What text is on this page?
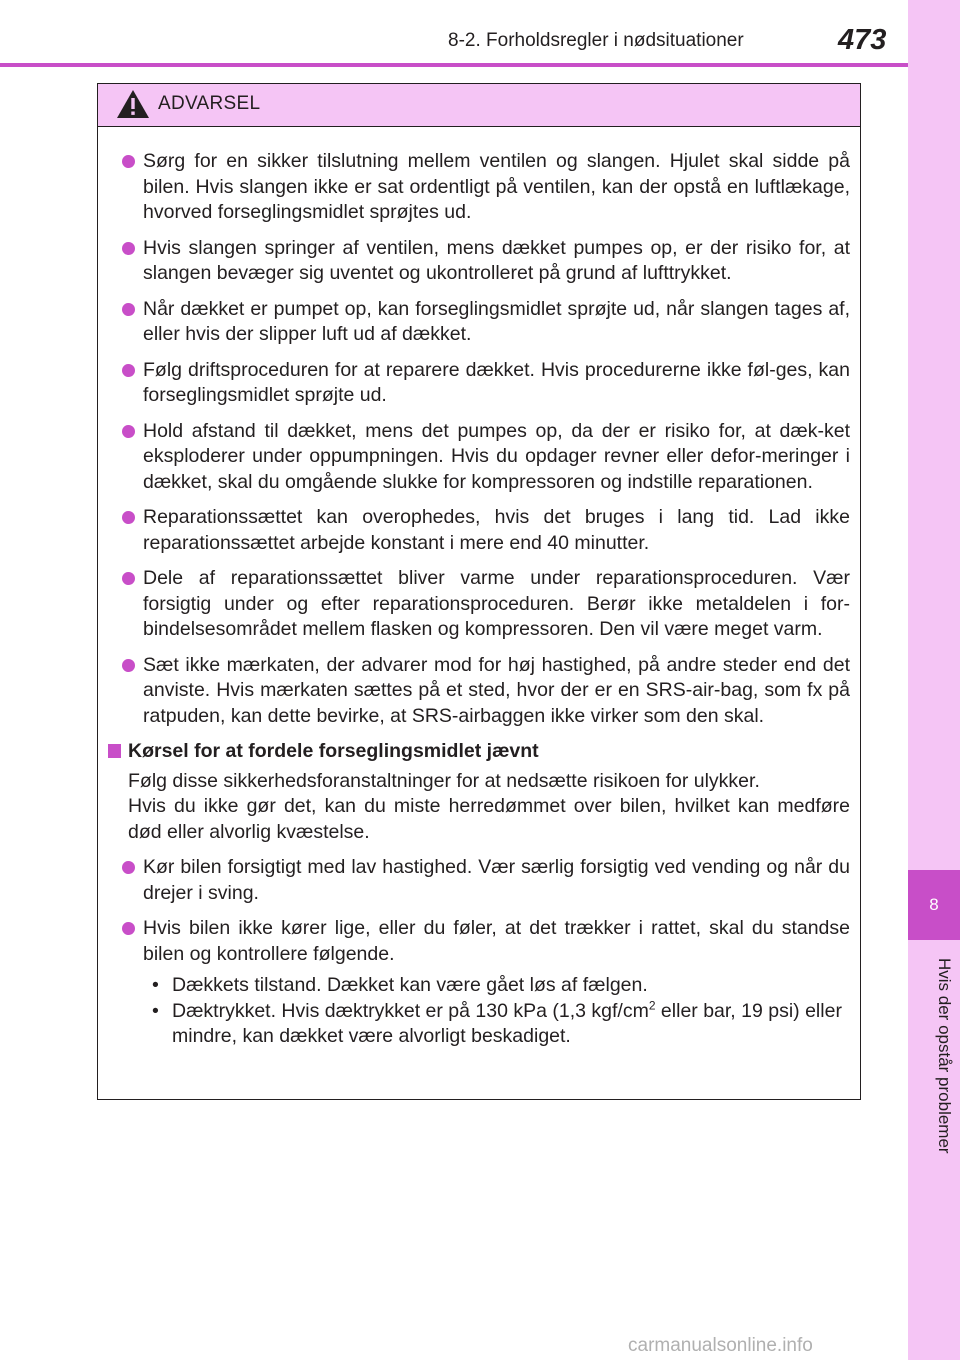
8-2. Forholdsregler i nødsituationer	473
8
Hvis der opstår problemer
ADVARSEL
Sørg for en sikker tilslutning mellem ventilen og slangen. Hjulet skal sidde på bilen. Hvis slangen ikke er sat ordentligt på ventilen, kan der opstå en luftlækage, hvorved forseglingsmidlet sprøjtes ud.
Hvis slangen springer af ventilen, mens dækket pumpes op, er der risiko for, at slangen bevæger sig uventet og ukontrolleret på grund af lufttrykket.
Når dækket er pumpet op, kan forseglingsmidlet sprøjte ud, når slangen tages af, eller hvis der slipper luft ud af dækket.
Følg driftsproceduren for at reparere dækket. Hvis procedurerne ikke føl-ges, kan forseglingsmidlet sprøjte ud.
Hold afstand til dækket, mens det pumpes op, da der er risiko for, at dæk-ket eksploderer under oppumpningen. Hvis du opdager revner eller defor-meringer i dækket, skal du omgående slukke for kompressoren og indstille reparationen.
Reparationssættet kan overophedes, hvis det bruges i lang tid. Lad ikke reparationssættet arbejde konstant i mere end 40 minutter.
Dele af reparationssættet bliver varme under reparationsproceduren. Vær forsigtig under og efter reparationsproceduren. Berør ikke metaldelen i for-bindelsesområdet mellem flasken og kompressoren. Den vil være meget varm.
Sæt ikke mærkaten, der advarer mod for høj hastighed, på andre steder end det anviste. Hvis mærkaten sættes på et sted, hvor der er en SRS-air-bag, som fx på ratpuden, kan dette bevirke, at SRS-airbaggen ikke virker som den skal.
Kørsel for at fordele forseglingsmidlet jævnt
Følg disse sikkerhedsforanstaltninger for at nedsætte risikoen for ulykker.
Hvis du ikke gør det, kan du miste herredømmet over bilen, hvilket kan medføre død eller alvorlig kvæstelse.
Kør bilen forsigtigt med lav hastighed. Vær særlig forsigtig ved vending og når du drejer i sving.
Hvis bilen ikke kører lige, eller du føler, at det trækker i rattet, skal du standse bilen og kontrollere følgende.
• Dækkets tilstand. Dækket kan være gået løs af fælgen.
• Dæktrykket. Hvis dæktrykket er på 130 kPa (1,3 kgf/$cm^2$ eller bar, 19 psi) eller mindre, kan dækket være alvorligt beskadiget.
carmanualsonline.info
